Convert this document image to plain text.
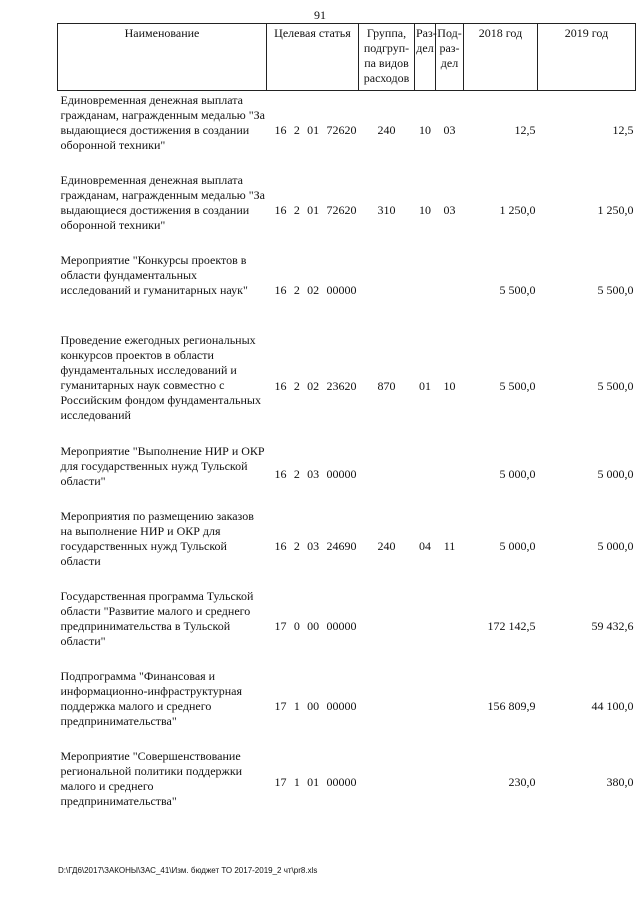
91
Наименование	Целевая статья	Группа, подгруп-па видов расходов	Раз-дел	Под-раз-дел	2018 год	2019 год
Единовременная денежная выплата гражданам, награжденным медалью "За выдающиеся достижения в создании оборонной техники"	16 2 01 72620	240	10	03	12,5	12,5
Единовременная денежная выплата гражданам, награжденным медалью "За выдающиеся достижения в создании оборонной техники"	16 2 01 72620	310	10	03	1 250,0	1 250,0
Мероприятие "Конкурсы проектов в области фундаментальных исследований и гуманитарных наук"	16 2 02 00000				5 500,0	5 500,0
Проведение ежегодных региональных конкурсов проектов в области фундаментальных исследований и гуманитарных наук совместно с Российским фондом фундаментальных исследований	16 2 02 23620	870	01	10	5 500,0	5 500,0
Мероприятие "Выполнение НИР и ОКР для государственных нужд Тульской области"	16 2 03 00000				5 000,0	5 000,0
Мероприятия по размещению заказов на выполнение НИР и ОКР для государственных нужд Тульской области	16 2 03 24690	240	04	11	5 000,0	5 000,0
Государственная программа Тульской области "Развитие малого и среднего предпринимательства в Тульской области"	17 0 00 00000				172 142,5	59 432,6
Подпрограмма "Финансовая и информационно-инфраструктурная поддержка малого и среднего предпринимательства"	17 1 00 00000				156 809,9	44 100,0
Мероприятие "Совершенствование региональной политики поддержки малого и среднего предпринимательства"	17 1 01 00000				230,0	380,0
D:\ГД6\2017\ЗАКОНЫ\ЗАС_41\Изм. бюджет ТО 2017-2019_2 чт\pr8.xls
